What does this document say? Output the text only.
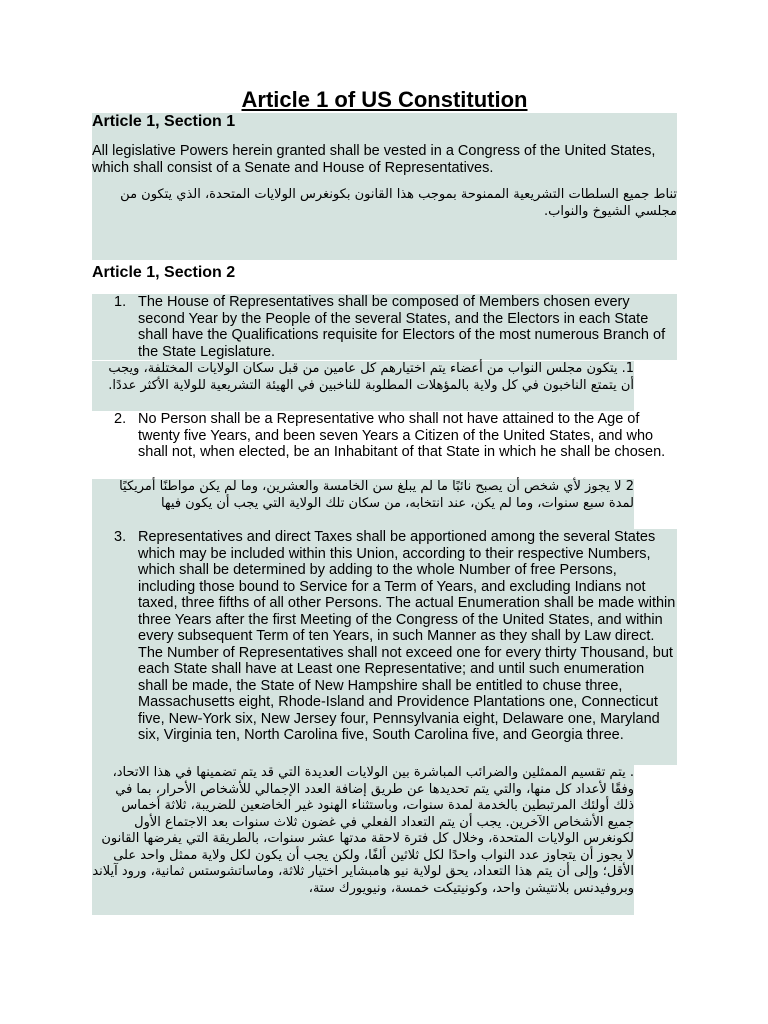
Article 1 of US Constitution
Article 1, Section 1
All legislative Powers herein granted shall be vested in a Congress of the United States, which shall consist of a Senate and House of Representatives.
تناط جميع السلطات التشريعية الممنوحة بموجب هذا القانون بكونغرس الولايات المتحدة، الذي يتكون من مجلسي الشيوخ والنواب.
Article 1, Section 2
1. The House of Representatives shall be composed of Members chosen every second Year by the People of the several States, and the Electors in each State shall have the Qualifications requisite for Electors of the most numerous Branch of the State Legislature.
1. يتكون مجلس النواب من أعضاء يتم اختيارهم كل عامين من قبل سكان الولايات المختلفة، ويجب أن يتمتع الناخبون في كل ولاية بالمؤهلات المطلوبة للناخبين في الهيئة التشريعية للولاية الأكثر عددًا.
2. No Person shall be a Representative who shall not have attained to the Age of twenty five Years, and been seven Years a Citizen of the United States, and who shall not, when elected, be an Inhabitant of that State in which he shall be chosen.
2 لا يجوز لأي شخص أن يصبح نائبًا ما لم يبلغ سن الخامسة والعشرين، وما لم يكن مواطنًا أمريكيًا لمدة سبع سنوات، وما لم يكن، عند انتخابه، من سكان تلك الولاية التي يجب أن يكون فيها
3. Representatives and direct Taxes shall be apportioned among the several States which may be included within this Union, according to their respective Numbers, which shall be determined by adding to the whole Number of free Persons, including those bound to Service for a Term of Years, and excluding Indians not taxed, three fifths of all other Persons. The actual Enumeration shall be made within three Years after the first Meeting of the Congress of the United States, and within every subsequent Term of ten Years, in such Manner as they shall by Law direct. The Number of Representatives shall not exceed one for every thirty Thousand, but each State shall have at Least one Representative; and until such enumeration shall be made, the State of New Hampshire shall be entitled to chuse three, Massachusetts eight, Rhode-Island and Providence Plantations one, Connecticut five, New-York six, New Jersey four, Pennsylvania eight, Delaware one, Maryland six, Virginia ten, North Carolina five, South Carolina five, and Georgia three.
. يتم تقسيم الممثلين والضرائب المباشرة بين الولايات العديدة التي قد يتم تضمينها في هذا الاتحاد، وفقًا لأعداد كل منها، والتي يتم تحديدها عن طريق إضافة العدد الإجمالي للأشخاص الأحرار، بما في ذلك أولئك المرتبطين بالخدمة لمدة سنوات، وباستثناء الهنود غير الخاضعين للضريبة، ثلاثة أخماس جميع الأشخاص الآخرين. يجب أن يتم التعداد الفعلي في غضون ثلاث سنوات بعد الاجتماع الأول لكونغرس الولايات المتحدة، وخلال كل فترة لاحقة مدتها عشر سنوات، بالطريقة التي يفرضها القانون لا يجوز أن يتجاوز عدد النواب واحدًا لكل ثلاثين ألفًا، ولكن يجب أن يكون لكل ولاية ممثل واحد على الأقل؛ وإلى أن يتم هذا التعداد، يحق لولاية نيو هامبشاير اختيار ثلاثة، وماساتشوستس ثمانية، ورود آيلاند وبروفيدنس بلانتيشن واحد، وكونيتيكت خمسة، ونيويورك ستة،
